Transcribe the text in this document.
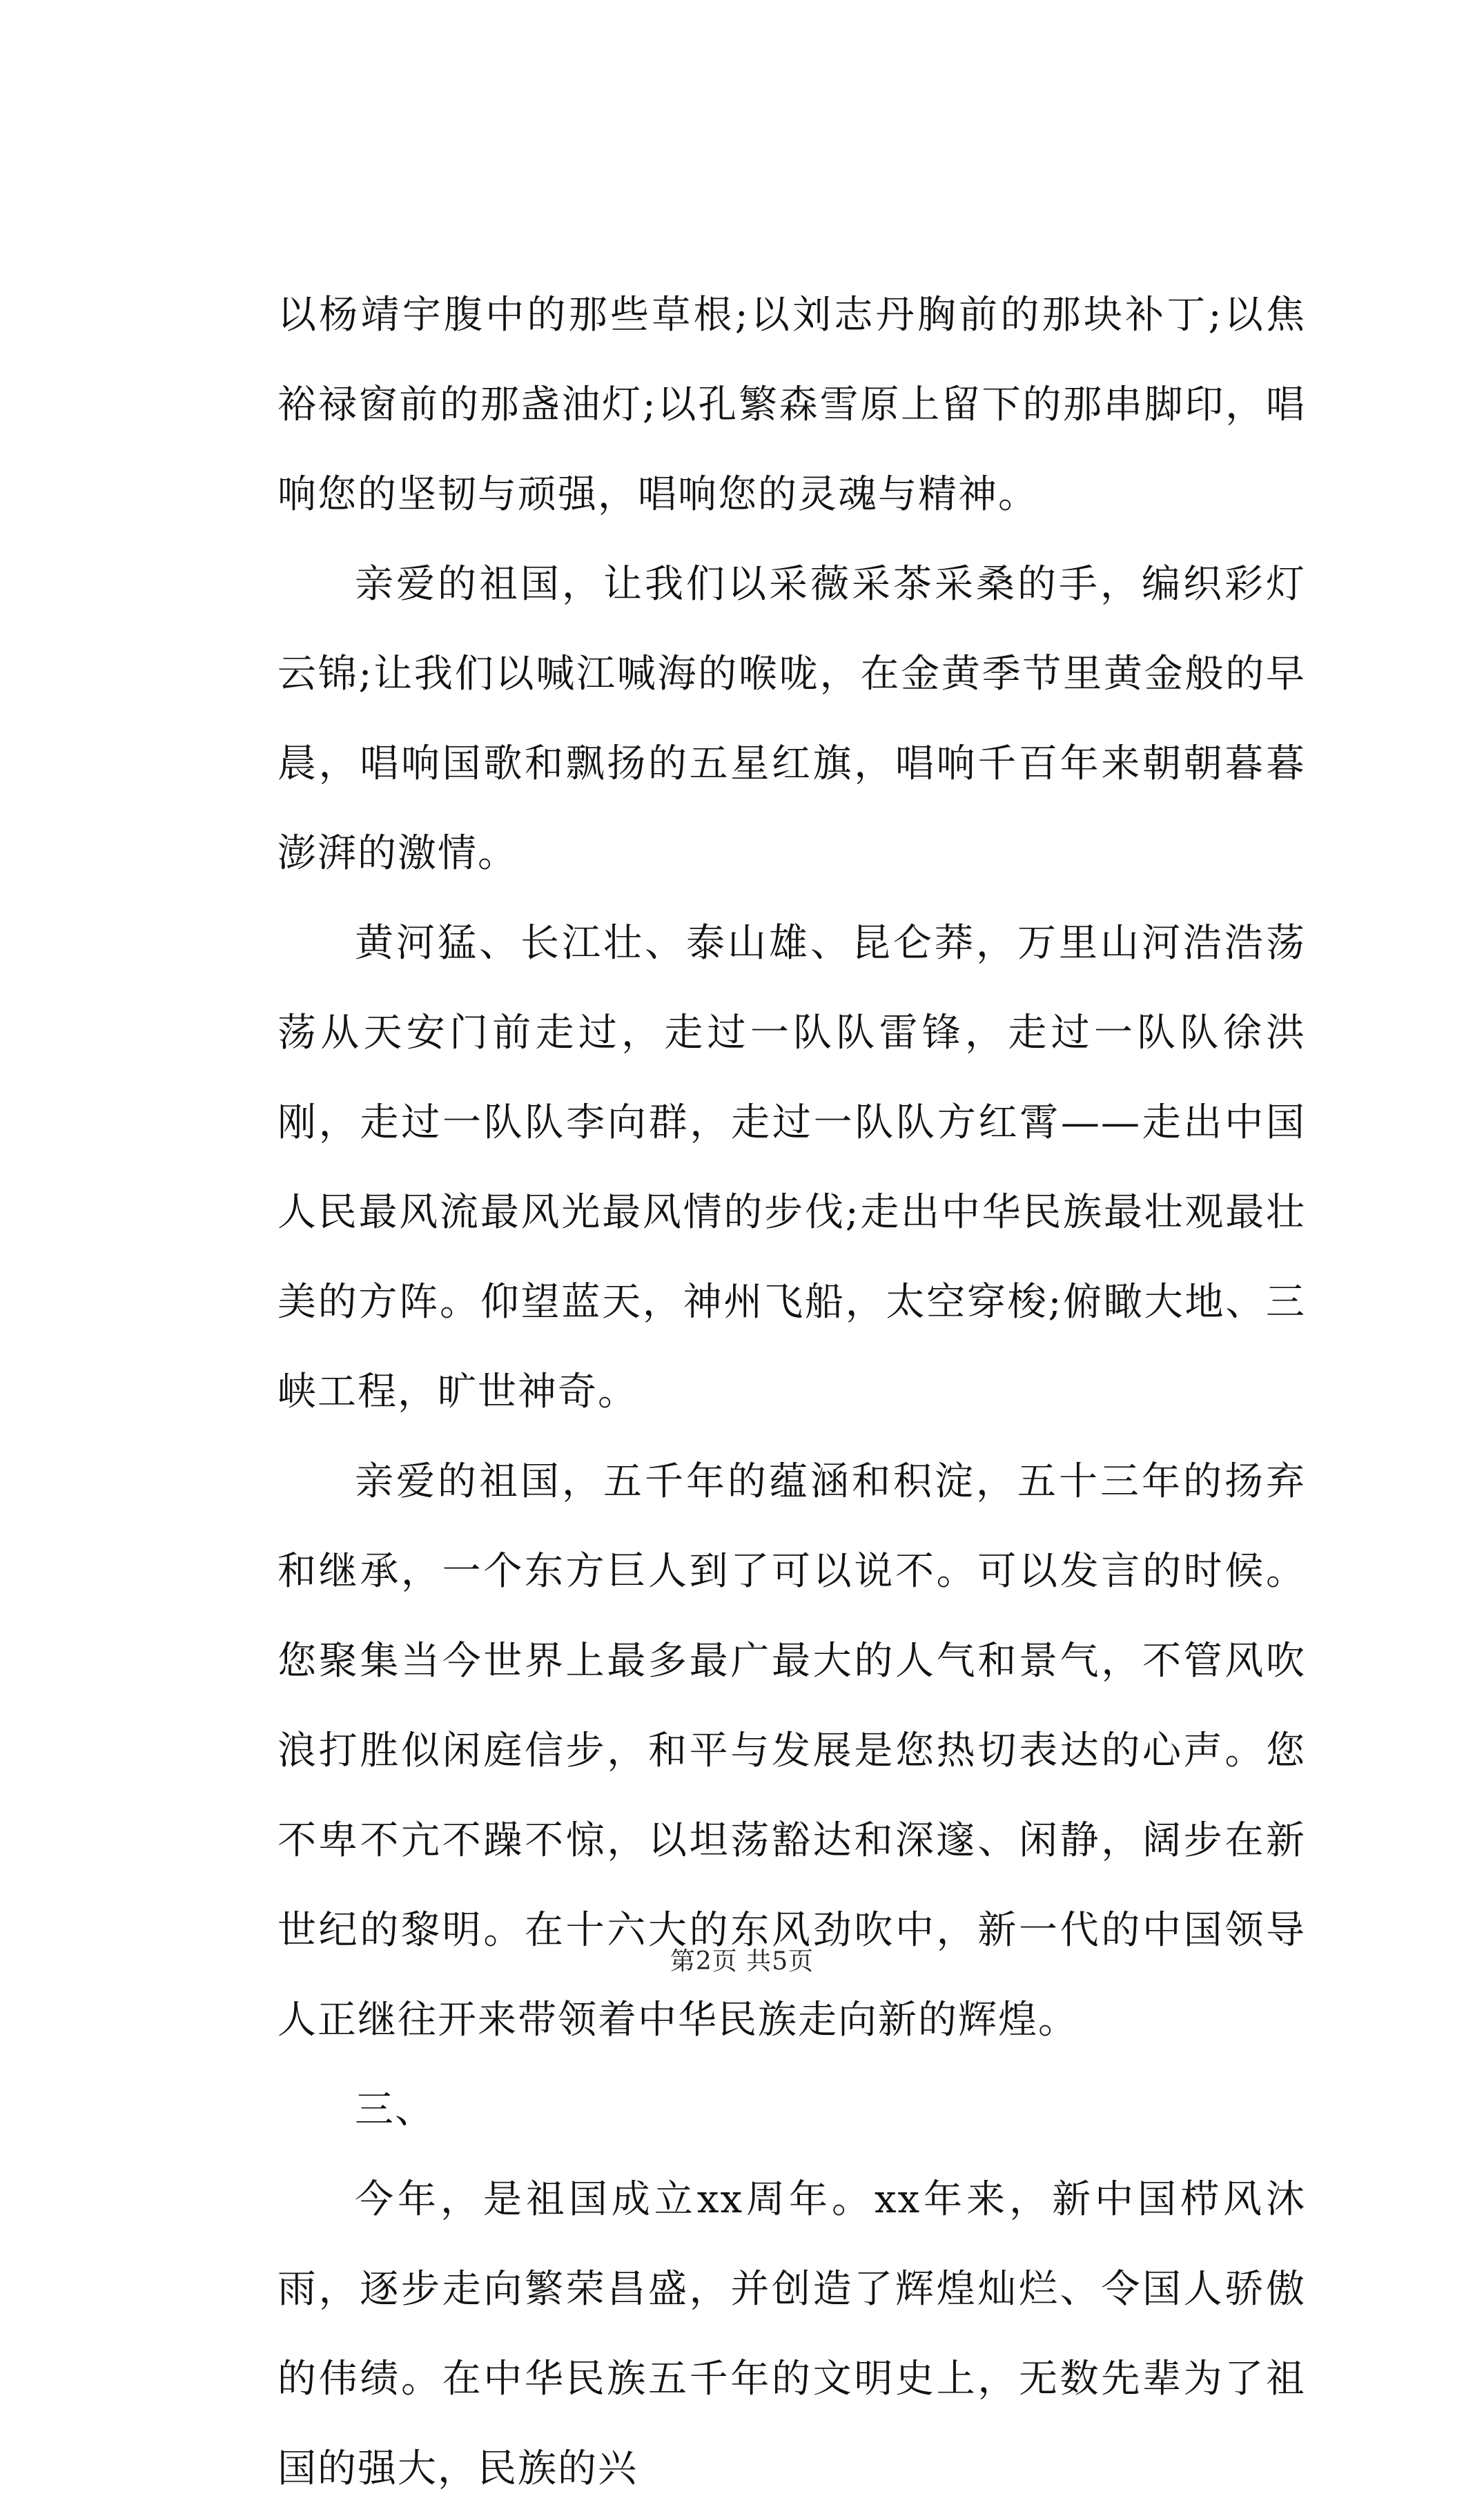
以杨靖宇腹中的那些草根;以刘志丹胸前的那块补丁;以焦裕禄窗前的那盏油灯;以孔繁森雪原上留下的那串脚印，唱响您的坚韧与顽强，唱响您的灵魂与精神。

亲爱的祖国，让我们以采薇采茶采桑的手，编织彩灯云锦;让我们以喊江喊海的喉咙，在金黄季节里黄金般的早晨，唱响国歌和飘扬的五星红旗，唱响千百年来朝朝暮暮澎湃的激情。

黄河猛、长江壮、泰山雄、昆仑莽，万里山河浩浩荡荡从天安门前走过，走过一队队雷锋，走过一队队徐洪刚，走过一队队李向群，走过一队队方红霄——走出中国人民最风流最风光最风情的步伐;走出中华民族最壮观最壮美的方阵。仰望蓝天，神州飞船，太空穿梭;俯瞰大地、三峡工程，旷世神奇。

亲爱的祖国，五千年的蕴涵和积淀，五十三年的扬弃和继承，一个东方巨人到了可以说不。可以发言的时候。您聚集当今世界上最多最广最大的人气和景气，不管风吹浪打胜似闲庭信步，和平与发展是您热切表达的心声。您不卑不亢不躁不惊，以坦荡豁达和深邃、闲静，阔步在新世纪的黎明。在十六大的东风劲吹中，新一代的中国领导人正继往开来带领着中华民族走向新的辉煌。

三、

今年，是祖国成立xx周年。xx年来，新中国栉风沐雨，逐步走向繁荣昌盛，并创造了辉煌灿烂、令国人骄傲的伟绩。在中华民族五千年的文明史上，无数先辈为了祖国的强大，民族的兴

第2页 共5页
